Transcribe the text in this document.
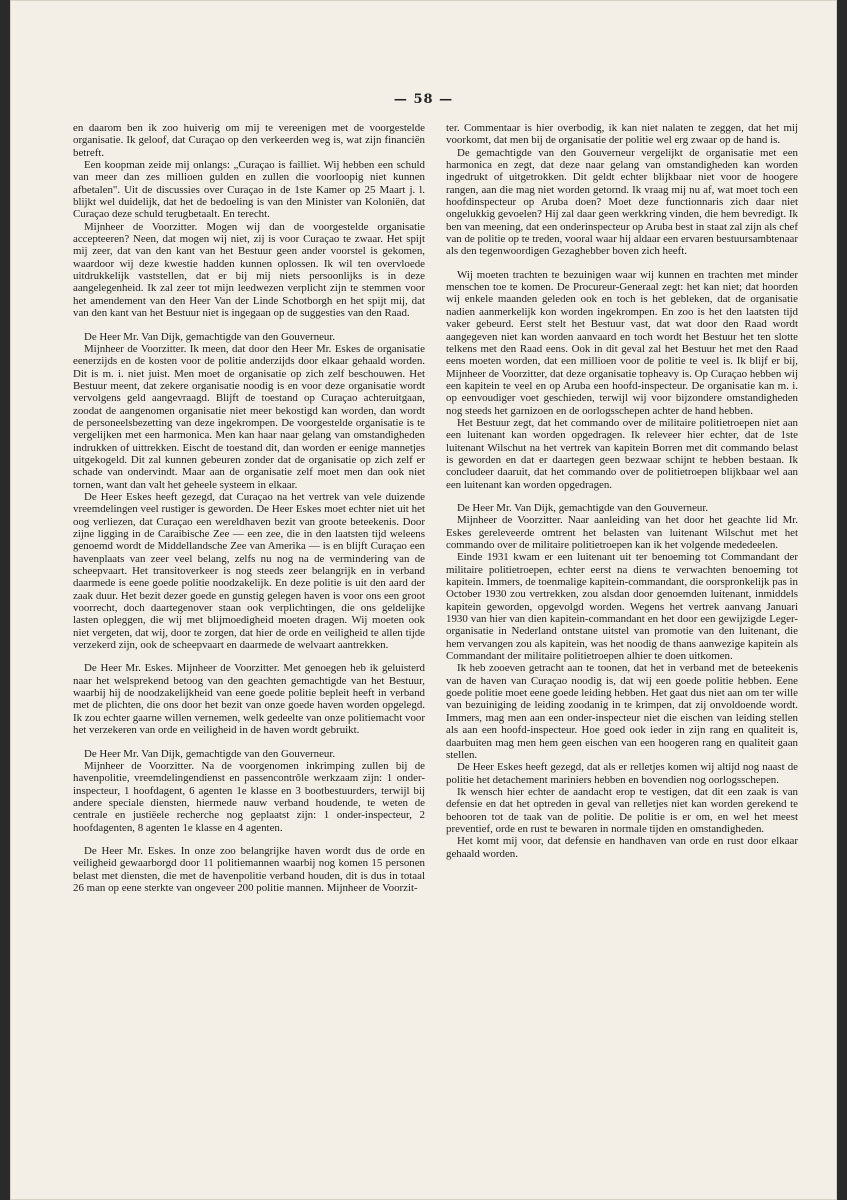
— 58 —

en daarom ben ik zoo huiverig om mij te vereenigen met de voorgestelde organisatie. Ik geloof, dat Curaçao op den verkeerden weg is, wat zijn financiën betreft.

Een koopman zeide mij onlangs: „Curaçao is failliet. Wij hebben een schuld van meer dan zes millioen gulden en zullen die voorloopig niet kunnen afbetalen". Uit de discussies over Curaçao in de 1ste Kamer op 25 Maart j. l. blijkt wel duidelijk, dat het de bedoeling is van den Minister van Koloniën, dat Curaçao deze schuld terugbetaalt. En terecht.

Mijnheer de Voorzitter. Mogen wij dan de voorgestelde organisatie accepteeren? Neen, dat mogen wij niet, zij is voor Curaçao te zwaar. Het spijt mij zeer, dat van den kant van het Bestuur geen ander voorstel is gekomen, waardoor wij deze kwestie hadden kunnen oplossen. Ik wil ten overvloede uitdrukkelijk vaststellen, dat er bij mij niets persoonlijks is in deze aangelegenheid. Ik zal zeer tot mijn leedwezen verplicht zijn te stemmen voor het amendement van den Heer Van der Linde Schotborgh en het spijt mij, dat van den kant van het Bestuur niet is ingegaan op de suggesties van den Raad.

De Heer Mr. Van Dijk, gemachtigde van den Gouverneur.

Mijnheer de Voorzitter. Ik meen, dat door den Heer Mr. Eskes de organisatie eenerzijds en de kosten voor de politie anderzijds door elkaar gehaald worden. Dit is m. i. niet juist. Men moet de organisatie op zich zelf beschouwen. Het Bestuur meent, dat zekere organisatie noodig is en voor deze organisatie wordt vervolgens geld aangevraagd. Blijft de toestand op Curaçao achteruitgaan, zoodat de aangenomen organisatie niet meer bekostigd kan worden, dan wordt de personeelsbezetting van deze ingekrompen. De voorgestelde organisatie is te vergelijken met een harmonica. Men kan haar naar gelang van omstandigheden indrukken of uittrekken. Eischt de toestand dit, dan worden er eenige mannetjes uitgekogeld. Dit zal kunnen gebeuren zonder dat de organisatie op zich zelf er schade van ondervindt. Maar aan de organisatie zelf moet men dan ook niet tornen, want dan valt het geheele systeem in elkaar.

De Heer Eskes heeft gezegd, dat Curaçao na het vertrek van vele duizende vreemdelingen veel rustiger is geworden. De Heer Eskes moet echter niet uit het oog verliezen, dat Curaçao een wereldhaven bezit van groote beteekenis. Door zijne ligging in de Caraibische Zee — een zee, die in den laatsten tijd weleens genoemd wordt de Middellandsche Zee van Amerika — is en blijft Curaçao een havenplaats van zeer veel belang, zelfs nu nog na de vermindering van de scheepvaart. Het transitoverkeer is nog steeds zeer belangrijk en in verband daarmede is eene goede politie noodzakelijk. En deze politie is uit den aard der zaak duur. Het bezit dezer goede en gunstig gelegen haven is voor ons een groot voorrecht, doch daartegenover staan ook verplichtingen, die ons geldelijke lasten opleggen, die wij met blijmoedigheid moeten dragen. Wij moeten ook niet vergeten, dat wij, door te zorgen, dat hier de orde en veiligheid te allen tijde verzekerd zijn, ook de scheepvaart en daarmede de welvaart aantrekken.

De Heer Mr. Eskes. Mijnheer de Voorzitter. Met genoegen heb ik geluisterd naar het welsprekend betoog van den geachten gemachtigde van het Bestuur, waarbij hij de noodzakelijkheid van eene goede politie bepleit heeft in verband met de plichten, die ons door het bezit van onze goede haven worden opgelegd. Ik zou echter gaarne willen vernemen, welk gedeelte van onze politiemacht voor het verzekeren van orde en veiligheid in de haven wordt gebruikt.

De Heer Mr. Van Dijk, gemachtigde van den Gouverneur.

Mijnheer de Voorzitter. Na de voorgenomen inkrimping zullen bij de havenpolitie, vreemdelingendienst en passencontrôle werkzaam zijn: 1 onder-inspecteur, 1 hoofdagent, 6 agenten 1e klasse en 3 bootbestuurders, terwijl bij andere speciale diensten, hiermede nauw verband houdende, te weten de centrale en justiëele recherche nog geplaatst zijn: 1 onder-inspecteur, 2 hoofdagenten, 8 agenten 1e klasse en 4 agenten.

De Heer Mr. Eskes. In onze zoo belangrijke haven wordt dus de orde en veiligheid gewaarborgd door 11 politiemannen waarbij nog komen 15 personen belast met diensten, die met de havenpolitie verband houden, dit is dus in totaal 26 man op eene sterkte van ongeveer 200 politie mannen. Mijnheer de Voorzit-

ter. Commentaar is hier overbodig, ik kan niet nalaten te zeggen, dat het mij voorkomt, dat men bij de organisatie der politie wel erg zwaar op de hand is.

De gemachtigde van den Gouverneur vergelijkt de organisatie met een harmonica en zegt, dat deze naar gelang van omstandigheden kan worden ingedrukt of uitgetrokken. Dit geldt echter blijkbaar niet voor de hoogere rangen, aan die mag niet worden getornd. Ik vraag mij nu af, wat moet toch een hoofdinspecteur op Aruba doen? Moet deze functionnaris zich daar niet ongelukkig gevoelen? Hij zal daar geen werkkring vinden, die hem bevredigt. Ik ben van meening, dat een onderinspecteur op Aruba best in staat zal zijn als chef van de politie op te treden, vooral waar hij aldaar een ervaren bestuursambtenaar als den tegenwoordigen Gezaghebber boven zich heeft.

Wij moeten trachten te bezuinigen waar wij kunnen en trachten met minder menschen toe te komen. De Procureur-Generaal zegt: het kan niet; dat hoorden wij enkele maanden geleden ook en toch is het gebleken, dat de organisatie nadien aanmerkelijk kon worden ingekrompen. En zoo is het den laatsten tijd vaker gebeurd. Eerst stelt het Bestuur vast, dat wat door den Raad wordt aangegeven niet kan worden aanvaard en toch wordt het Bestuur het ten slotte telkens met den Raad eens. Ook in dit geval zal het Bestuur het met den Raad eens moeten worden, dat een millioen voor de politie te veel is. Ik blijf er bij, Mijnheer de Voorzitter, dat deze organisatie topheavy is. Op Curaçao hebben wij een kapitein te veel en op Aruba een hoofd-inspecteur. De organisatie kan m. i. op eenvoudiger voet geschieden, terwijl wij voor bijzondere omstandigheden nog steeds het garnizoen en de oorlogsschepen achter de hand hebben.

Het Bestuur zegt, dat het commando over de militaire politietroepen niet aan een luitenant kan worden opgedragen. Ik releveer hier echter, dat de 1ste luitenant Wilschut na het vertrek van kapitein Borren met dit commando belast is geworden en dat er daartegen geen bezwaar schijnt te hebben bestaan. Ik concludeer daaruit, dat het commando over de politietroepen blijkbaar wel aan een luitenant kan worden opgedragen.

De Heer Mr. Van Dijk, gemachtigde van den Gouverneur.

Mijnheer de Voorzitter. Naar aanleiding van het door het geachte lid Mr. Eskes gereleveerde omtrent het belasten van luitenant Wilschut met het commando over de militaire politietroepen kan ik het volgende mededeelen.

Einde 1931 kwam er een luitenant uit ter benoeming tot Commandant der militaire politietroepen, echter eerst na diens te verwachten benoeming tot kapitein. Immers, de toenmalige kapitein-commandant, die oorspronkelijk pas in October 1930 zou vertrekken, zou alsdan door genoemden luitenant, inmiddels kapitein geworden, opgevolgd worden. Wegens het vertrek aanvang Januari 1930 van hier van dien kapitein-commandant en het door een gewijzigde Leger-organisatie in Nederland ontstane uitstel van promotie van den luitenant, die hem vervangen zou als kapitein, was het noodig de thans aanwezige kapitein als Commandant der militaire politietroepen alhier te doen uitkomen.

Ik heb zooeven getracht aan te toonen, dat het in verband met de beteekenis van de haven van Curaçao noodig is, dat wij een goede politie hebben. Eene goede politie moet eene goede leiding hebben. Het gaat dus niet aan om ter wille van bezuiniging de leiding zoodanig in te krimpen, dat zij onvoldoende wordt. Immers, mag men aan een onder-inspecteur niet die eischen van leiding stellen als aan een hoofd-inspecteur. Hoe goed ook ieder in zijn rang en qualiteit is, daarbuiten mag men hem geen eischen van een hoogeren rang en qualiteit gaan stellen.

De Heer Eskes heeft gezegd, dat als er relletjes komen wij altijd nog naast de politie het detachement mariniers hebben en bovendien nog oorlogsschepen.

Ik wensch hier echter de aandacht erop te vestigen, dat dit een zaak is van defensie en dat het optreden in geval van relletjes niet kan worden gerekend te behooren tot de taak van de politie. De politie is er om, en wel het meest preventief, orde en rust te bewaren in normale tijden en omstandigheden.

Het komt mij voor, dat defensie en handhaven van orde en rust door elkaar gehaald worden.
